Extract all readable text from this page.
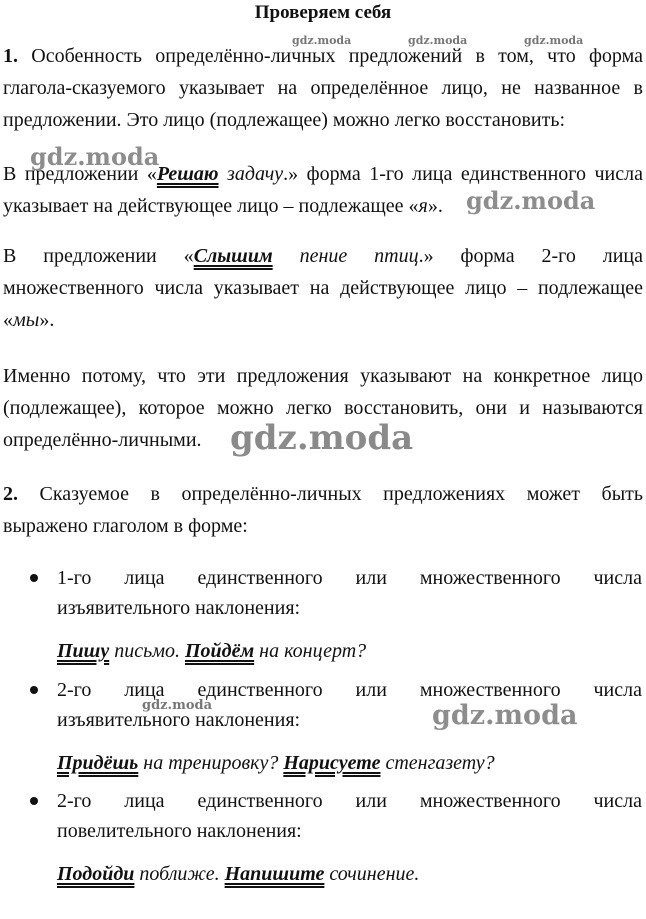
Проверяем себя
1. Особенность определённо-личных предложений в том, что форма
глагола-сказуемого указывает на определённое лицо, не названное в
предложении. Это лицо (подлежащее) можно легко восстановить:
В предложении «Решаю задачу.» форма 1-го лица единственного числа
указывает на действующее лицо – подлежащее «я».
В предложении «Слышим пение птиц.» форма 2-го лица
множественного числа указывает на действующее лицо – подлежащее
«мы».
Именно потому, что эти предложения указывают на конкретное лицо
(подлежащее), которое можно легко восстановить, они и называются
определённо-личными.
2. Сказуемое в определённо-личных предложениях может быть
выражено глаголом в форме:
1-го лица единственного или множественного числа
изъявительного наклонения:
Пишу письмо. Пойдём на концерт?
2-го лица единственного или множественного числа
изъявительного наклонения:
Придёшь на тренировку? Нарисуете стенгазету?
2-го лица единственного или множественного числа
повелительного наклонения:
Подойди поближе. Напишите сочинение.
gdz.moda	gdz.moda	gdz.moda
gdz.moda
gdz.moda
gdz.moda
gdz.moda	gdz.moda
